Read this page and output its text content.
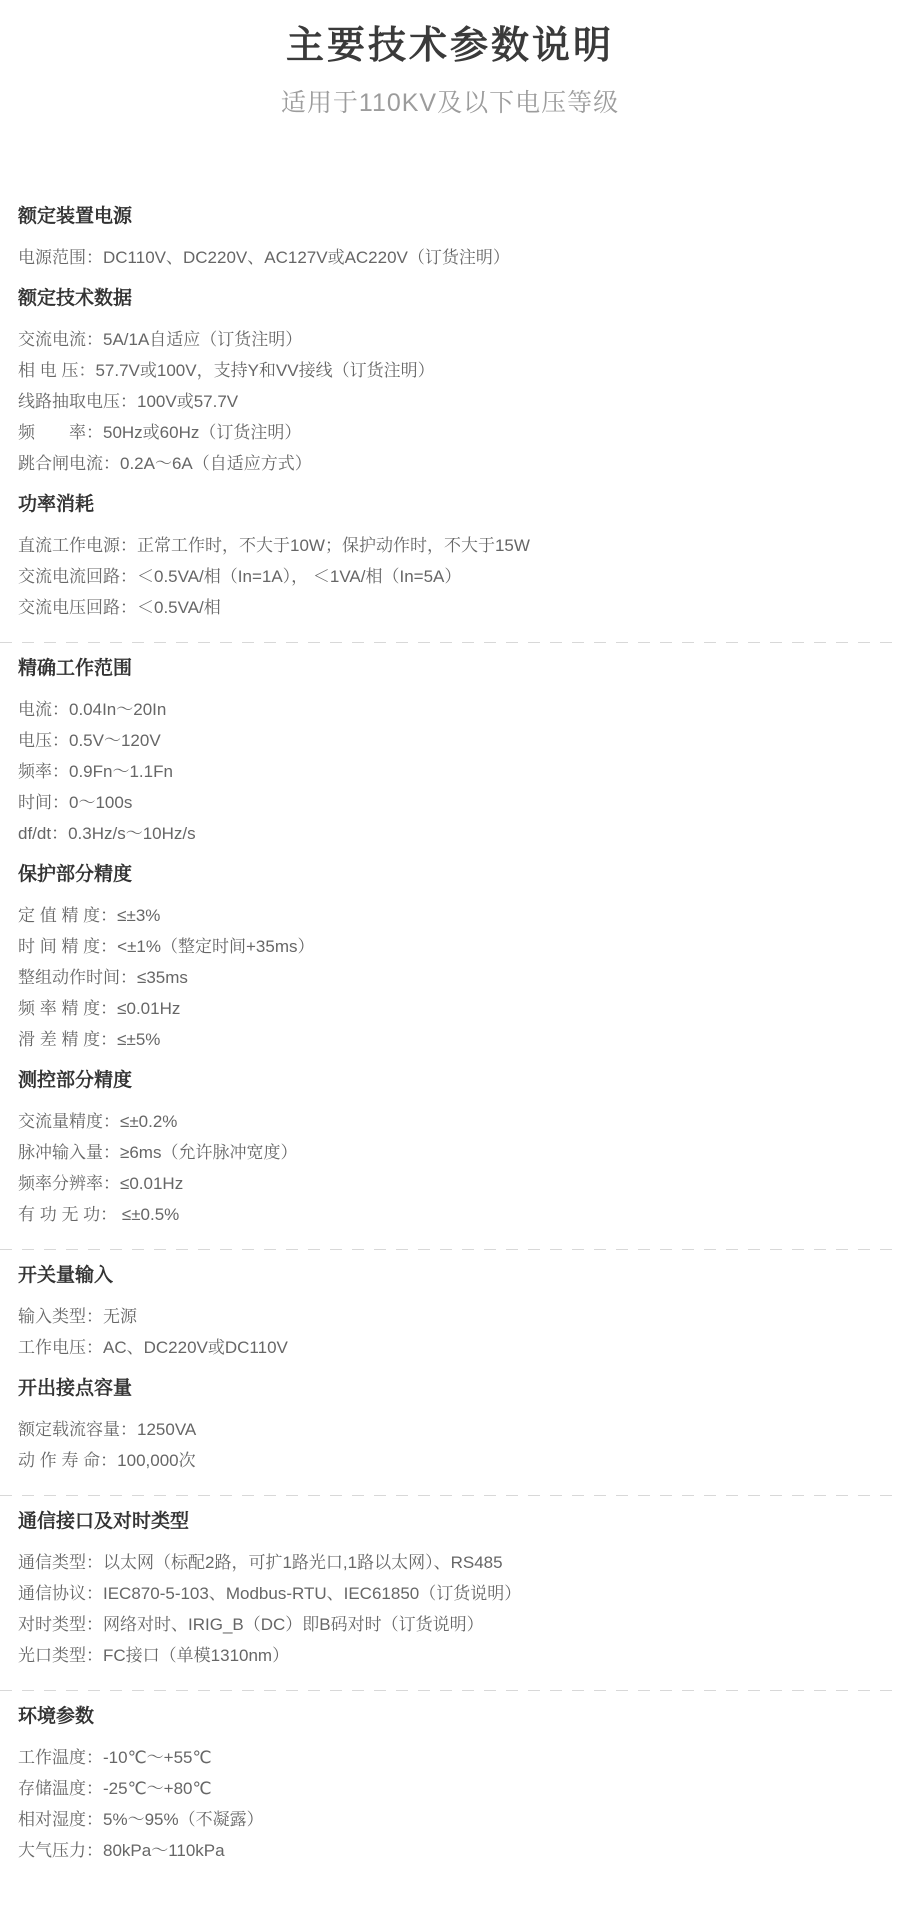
主要技术参数说明

适用于110KV及以下电压等级

额定装置电源

电源范围：DC110V、DC220V、AC127V或AC220V（订货注明）

额定技术数据

交流电流：5A/1A自适应（订货注明）

相 电 压：57.7V或100V，支持Y和VV接线（订货注明）

线路抽取电压：100V或57.7V

频　　率：50Hz或60Hz（订货注明）

跳合闸电流：0.2A～6A（自适应方式）

功率消耗

直流工作电源：正常工作时，不大于10W；保护动作时，不大于15W

交流电流回路：＜0.5VA/相（In=1A）， ＜1VA/相（In=5A）

交流电压回路：＜0.5VA/相

精确工作范围

电流：0.04In～20In

电压：0.5V～120V

频率：0.9Fn～1.1Fn

时间：0～100s

df/dt：0.3Hz/s～10Hz/s

保护部分精度

定 值 精 度：≤±3%

时 间 精 度：<±1%（整定时间+35ms）

整组动作时间：≤35ms

频 率 精 度：≤0.01Hz

滑 差 精 度：≤±5%

测控部分精度

交流量精度：≤±0.2%

脉冲输入量：≥6ms（允许脉冲宽度）

频率分辨率：≤0.01Hz

有 功 无 功： ≤±0.5%

开关量输入

输入类型：无源

工作电压：AC、DC220V或DC110V

开出接点容量

额定载流容量：1250VA

动 作 寿 命：100,000次

通信接口及对时类型

通信类型：以太网（标配2路，可扩1路光口,1路以太网）、RS485

通信协议：IEC870-5-103、Modbus-RTU、IEC61850（订货说明）

对时类型：网络对时、IRIG_B（DC）即B码对时（订货说明）

光口类型：FC接口（单模1310nm）

环境参数

工作温度：-10℃～+55℃

存储温度：-25℃～+80℃

相对湿度：5%～95%（不凝露）

大气压力：80kPa～110kPa
